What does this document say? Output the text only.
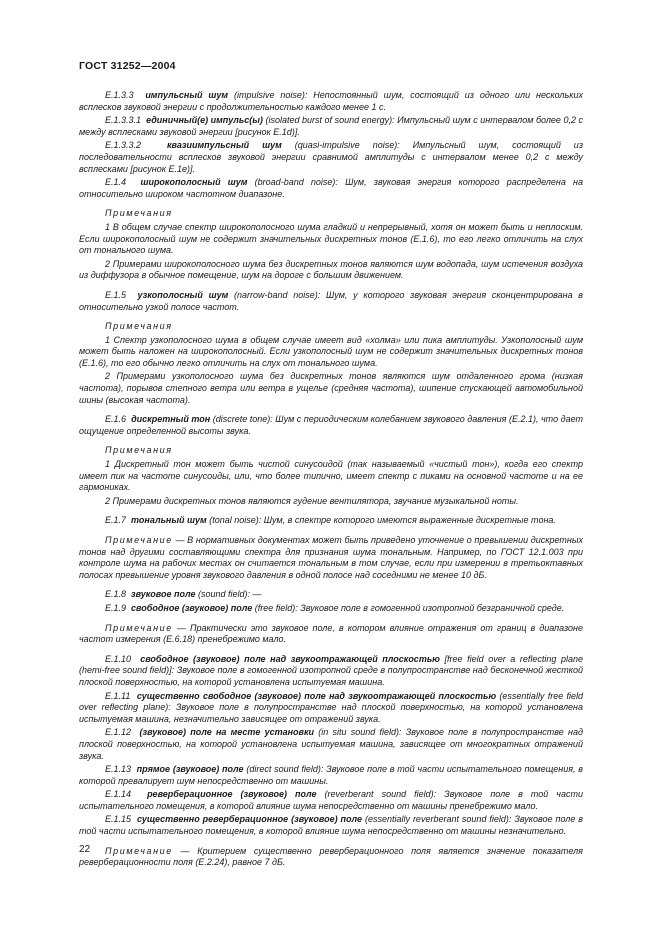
ГОСТ 31252—2004

Е.1.3.3 импульсный шум (impulsive noise): Непостоянный шум, состоящий из одного или нескольких всплесков звуковой энергии с продолжительностью каждого менее 1 с.

Е.1.3.3.1 единичный(е) импульс(ы) (isolated burst of sound energy): Импульсный шум с интервалом более 0,2 с между всплесками звуковой энергии [рисунок Е.1d)].

Е.1.3.3.2	квазиимпульсный шум (quasi-impulsive noise): Импульсный шум, состоящий из последовательности всплесков звуковой энергии сравнимой амплитуды с интервалом менее 0,2 с между всплесками [рисунок Е.1е)].

Е.1.4 широкополосный шум (broad-band noise): Шум, звуковая энергия которого распределена на относительно широком частотном диапазоне.

Примечания

1 В общем случае спектр широкополосного шума гладкий и непрерывный, хотя он может быть и неплоским. Если широкополосный шум не содержит значительных дискретных тонов (Е.1.6), то его легко отличить на слух от тонального шума.

2 Примерами широкополосного шума без дискретных тонов являются шум водопада, шум истечения воздуха из диффузора в обычное помещение, шум на дороге с большим движением.

Е.1.5 узкополосный шум (narrow-band noise): Шум, у которого звуковая энергия сконцентрирована в относительно узкой полосе частот.

Примечания

1 Спектр узкополосного шума в общем случае имеет вид «холма» или пика амплитуды. Узкополосный шум может быть наложен на широкополосный. Если узкополосный шум не содержит значительных дискретных тонов (Е.1.6), то его обычно легко отличить на слух от тонального шума.

2 Примерами узкополосного шума без дискретных тонов являются шум отдаленного грома (низкая частота), порывов степного ветра или ветра в ущелье (средняя частота), шипение спускающей автомобильной шины (высокая частота).

Е.1.6 дискретный тон (discrete tone): Шум с периодическим колебанием звукового давления (Е.2.1), что дает ощущение определенной высоты звука.

Примечания

1 Дискретный тон может быть чистой синусоидой (так называемый «чистый тон»), когда его спектр имеет пик на частоте синусоиды, или, что более типично, имеет спектр с пиками на основной частоте и на ее гармониках.

2 Примерами дискретных тонов являются гудение вентилятора, звучание музыкальной ноты.

Е.1.7 тональный шум (tonal noise): Шум, в спектре которого имеются выраженные дискретные тона.

Примечание — В нормативных документах может быть приведено уточнение о превышении дискретных тонов над другими составляющими спектра для признания шума тональным. Например, по ГОСТ 12.1.003 при контроле шума на рабочих местах он считается тональным в том случае, если при измерении в третьоктавных полосах превышение уровня звукового давления в одной полосе над соседними не менее 10 дБ.

Е.1.8 звуковое поле (sound field): —

Е.1.9 свободное (звуковое) поле (free field): Звуковое поле в гомогенной изотропной безграничной среде.

Примечание — Практически это звуковое поле, в котором влияние отражения от границ в диапазоне частот измерения (Е.6.18) пренебрежимо мало.

Е.1.10 свободное (звуковое) поле над звукоотражающей плоскостью [free field over a reflecting plane (hemi-free sound field)]: Звуковое поле в гомогенной изотропной среде в полупространстве над бесконечной жесткой плоской поверхностью, на которой установлена испытуемая машина.

Е.1.11 существенно свободное (звуковое) поле над звукоотражающей плоскостью (essentially free field over reflecting plane): Звуковое поле в полупространстве над плоской поверхностью, на которой установлена испытуемая машина, незначительно зависящее от отражений звука.

Е.1.12 (звуковое) поле на месте установки (in situ sound field): Звуковое поле в полупространстве над плоской поверхностью, на которой установлена испытуемая машина, зависящее от многократных отражений звука.

Е.1.13 прямое (звуковое) поле (direct sound field): Звуковое поле в той части испытательного помещения, в которой превалирует шум непосредственно от машины.

Е.1.14 реверберационное (звуковое) поле (reverberant sound field): Звуковое поле в той части испытательного помещения, в которой влияние шума непосредственно от машины пренебрежимо мало.

Е.1.15 существенно реверберационное (звуковое) поле (essentially reverberant sound field): Звуковое поле в той части испытательного помещения, в которой влияние шума непосредственно от машины незначительно.

Примечание — Критерием существенно реверберационного поля является значение показателя реверберационности поля (Е.2.24), равное 7 дБ.

22
